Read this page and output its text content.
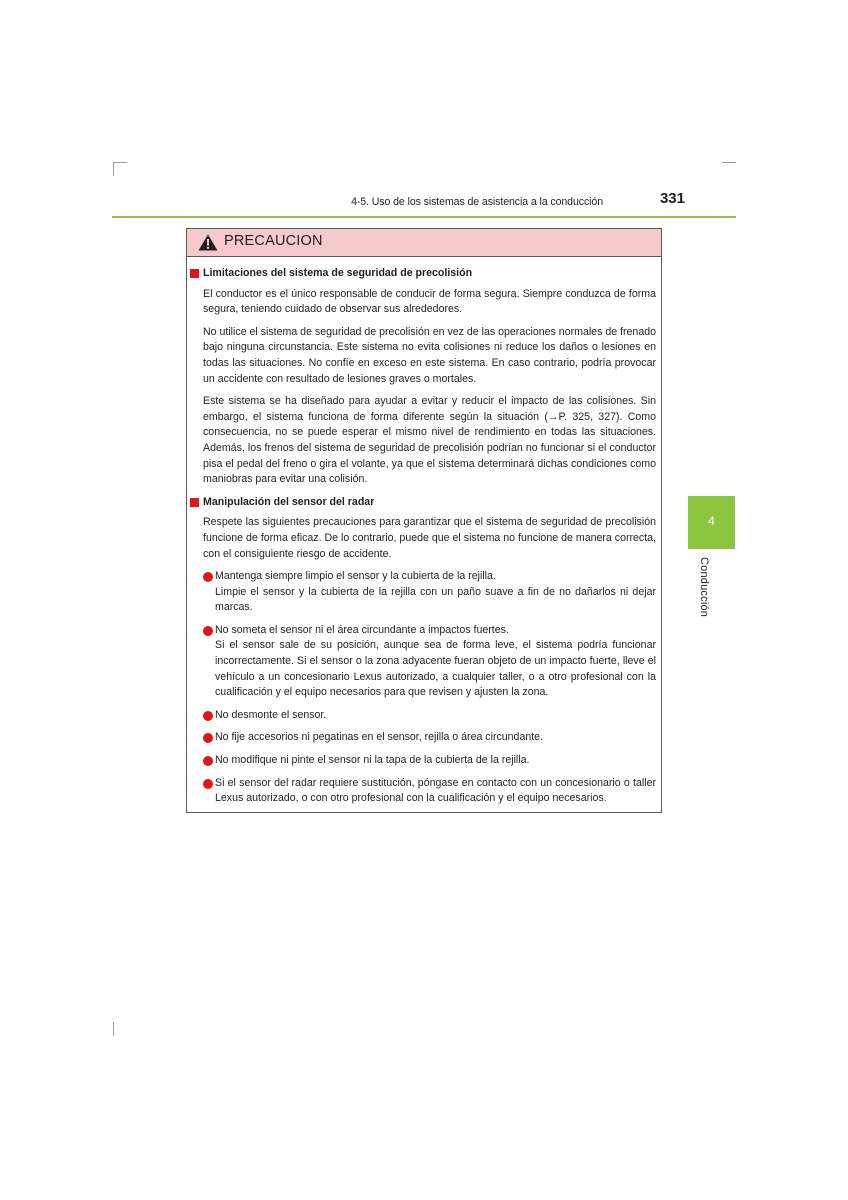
4-5. Uso de los sistemas de asistencia a la conducción	331
4
Conducción
PRECAUCION
Limitaciones del sistema de seguridad de precolisión

El conductor es el único responsable de conducir de forma segura. Siempre conduzca de forma segura, teniendo cuidado de observar sus alrededores.

No utilice el sistema de seguridad de precolisión en vez de las operaciones normales de frenado bajo ninguna circunstancia. Este sistema no evita colisiones ni reduce los daños o lesiones en todas las situaciones. No confíe en exceso en este sistema. En caso contrario, podría provocar un accidente con resultado de lesiones graves o mortales.

Este sistema se ha diseñado para ayudar a evitar y reducir el impacto de las colisiones. Sin embargo, el sistema funciona de forma diferente según la situación (→P. 325, 327). Como consecuencia, no se puede esperar el mismo nivel de rendimiento en todas las situaciones. Además, los frenos del sistema de seguridad de precolisión podrían no funcionar si el conductor pisa el pedal del freno o gira el volante, ya que el sistema determinará dichas condiciones como maniobras para evitar una colisión.

Manipulación del sensor del radar

Respete las siguientes precauciones para garantizar que el sistema de seguridad de precolisión funcione de forma eficaz. De lo contrario, puede que el sistema no funcione de manera correcta, con el consiguiente riesgo de accidente.

Mantenga siempre limpio el sensor y la cubierta de la rejilla.
Limpie el sensor y la cubierta de la rejilla con un paño suave a fin de no dañarlos ni dejar marcas.
No someta el sensor ni el área circundante a impactos fuertes.
Si el sensor sale de su posición, aunque sea de forma leve, el sistema podría funcionar incorrectamente. Si el sensor o la zona adyacente fueran objeto de un impacto fuerte, lleve el vehículo a un concesionario Lexus autorizado, a cualquier taller, o a otro profesional con la cualificación y el equipo necesarios para que revisen y ajusten la zona.
No desmonte el sensor.
No fije accesorios ni pegatinas en el sensor, rejilla o área circundante.
No modifique ni pinte el sensor ni la tapa de la cubierta de la rejilla.
Si el sensor del radar requiere sustitución, póngase en contacto con un concesionario o taller Lexus autorizado, o con otro profesional con la cualificación y el equipo necesarios.
